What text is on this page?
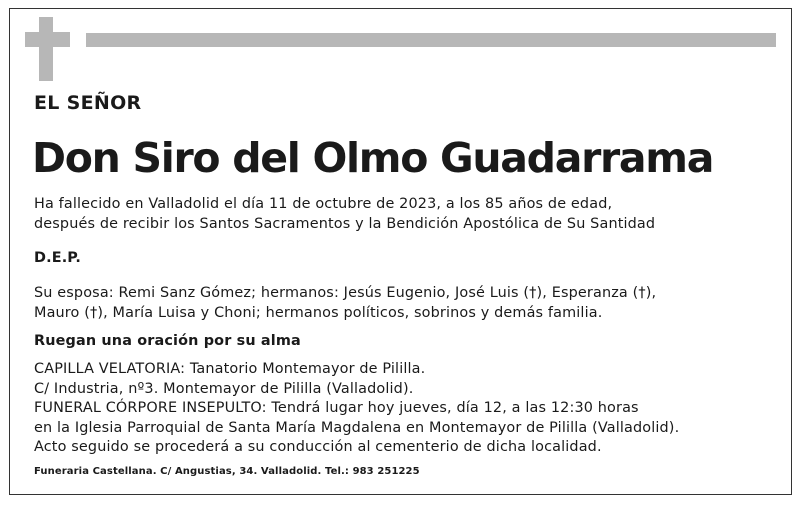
EL SEÑOR
Don Siro del Olmo Guadarrama
Ha fallecido en Valladolid el día 11 de octubre de 2023, a los 85 años de edad,
después de recibir los Santos Sacramentos y la Bendición Apostólica de Su Santidad
D.E.P.
Su esposa: Remi Sanz Gómez; hermanos: Jesús Eugenio, José Luis (†), Esperanza (†),
Mauro (†), María Luisa y Choni; hermanos políticos, sobrinos y demás familia.
Ruegan una oración por su alma
CAPILLA VELATORIA: Tanatorio Montemayor de Pililla.
C/ Industria, nº3. Montemayor de Pililla (Valladolid).
FUNERAL CÓRPORE INSEPULTO: Tendrá lugar hoy jueves, día 12, a las 12:30 horas
en la Iglesia Parroquial de Santa María Magdalena en Montemayor de Pililla (Valladolid).
Acto seguido se procederá a su conducción al cementerio de dicha localidad.
Funeraria Castellana. C/ Angustias, 34. Valladolid. Tel.: 983 251225
